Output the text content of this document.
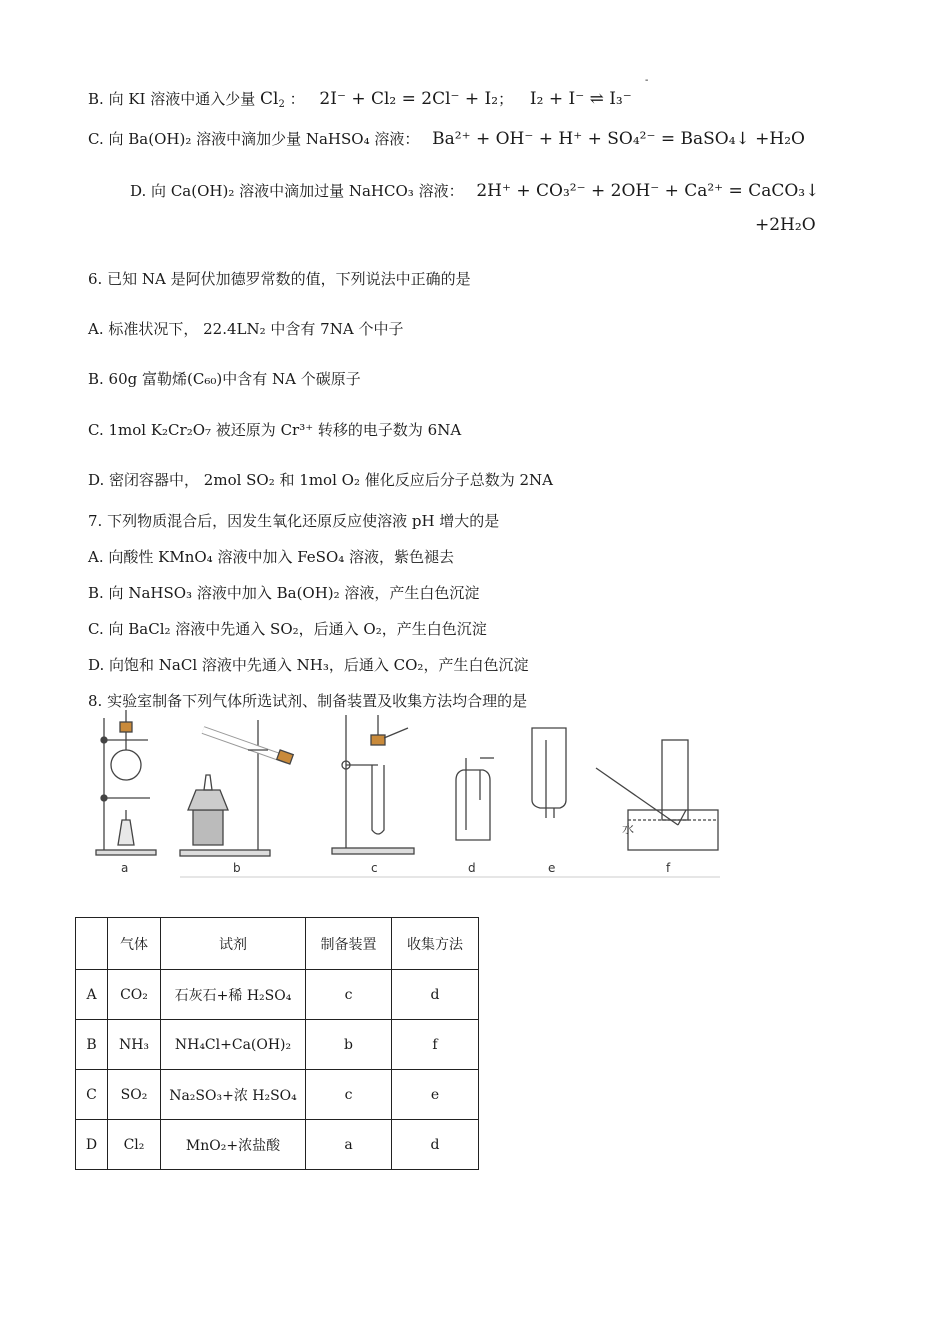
-
B. 向 KI 溶液中通入少量 $Cl_2$ ： 2I⁻ + Cl₂ = 2Cl⁻ + I₂； I₂ + I⁻ ⇌ I₃⁻
C. 向 Ba(OH)₂ 溶液中滴加少量 NaHSO₄ 溶液： Ba²⁺ + OH⁻ + H⁺ + SO₄²⁻ = BaSO₄↓ +H₂O
D. 向 Ca(OH)₂ 溶液中滴加过量 NaHCO₃ 溶液： 2H⁺ + CO₃²⁻ + 2OH⁻ + Ca²⁺ = CaCO₃↓
+2H₂O
6. 已知 NA 是阿伏加德罗常数的值，下列说法中正确的是
A. 标准状况下， 22.4LN₂ 中含有 7NA 个中子
B. 60g 富勒烯(C₆₀)中含有 NA 个碳原子
C. 1mol K₂Cr₂O₇ 被还原为 Cr³⁺ 转移的电子数为 6NA
D. 密闭容器中， 2mol SO₂ 和 1mol O₂ 催化反应后分子总数为 2NA
7. 下列物质混合后，因发生氧化还原反应使溶液 pH 增大的是
A. 向酸性 KMnO₄ 溶液中加入 FeSO₄ 溶液，紫色褪去
B. 向 NaHSO₃ 溶液中加入 Ba(OH)₂ 溶液，产生白色沉淀
C. 向 BaCl₂ 溶液中先通入 SO₂，后通入 O₂，产生白色沉淀
D. 向饱和 NaCl 溶液中先通入 NH₃，后通入 CO₂，产生白色沉淀
8. 实验室制备下列气体所选试剂、制备装置及收集方法均合理的是
水
a	b	c	d	e	f
	气体	试剂	制备装置	收集方法
A	CO₂	石灰石+稀 H₂SO₄	c	d
B	NH₃	NH₄Cl+Ca(OH)₂	b	f
C	SO₂	Na₂SO₃+浓 H₂SO₄	c	e
D	Cl₂	MnO₂+浓盐酸	a	d
